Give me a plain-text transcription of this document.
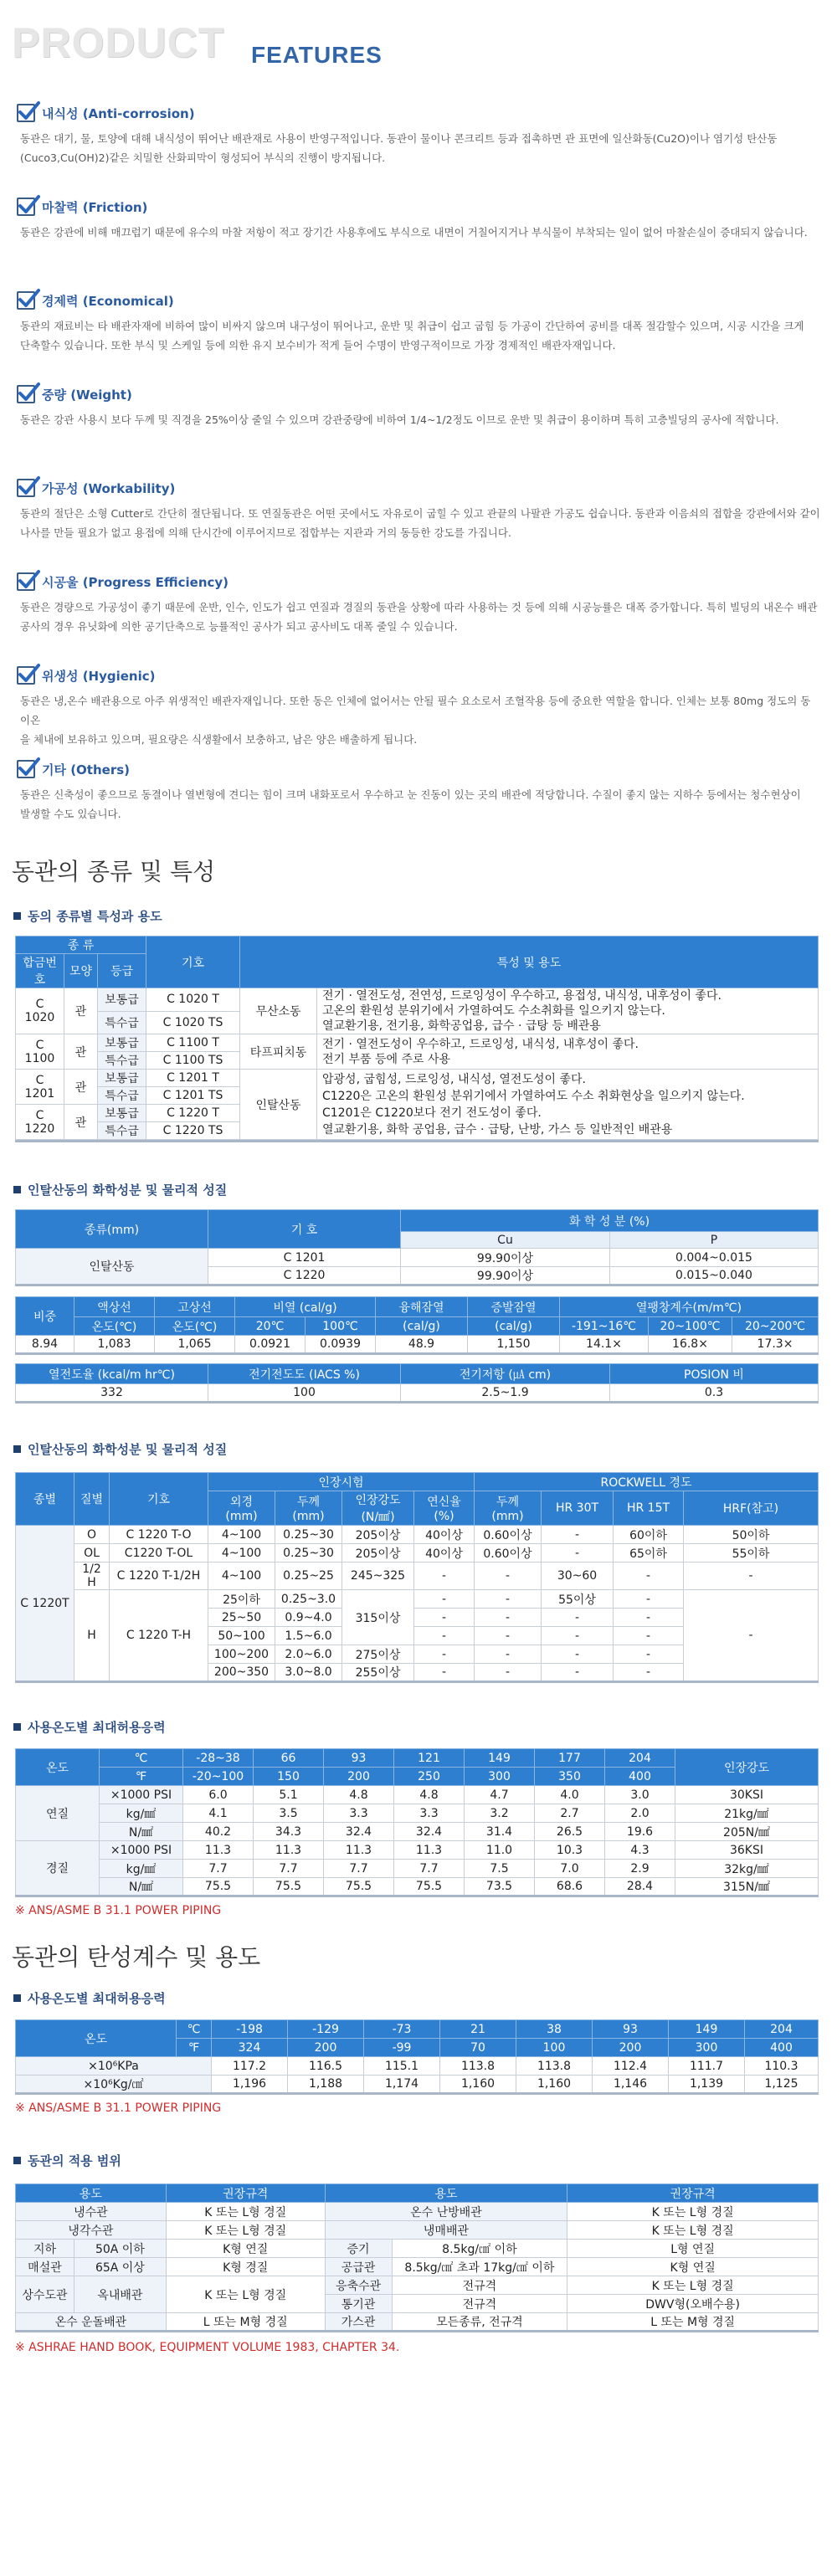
PRODUCT FEATURES
내식성 (Anti-corrosion)
동관은 대기, 물, 토양에 대해 내식성이 뛰어난 배관재로 사용이 반영구적입니다. 동관이 물이나 콘크리트 등과 접촉하면 관 표면에 일산화동(Cu2O)이나 염기성 탄산동
(Cuco3,Cu(OH)2)같은 치밀한 산화피막이 형성되어 부식의 진행이 방지됩니다.
마찰력 (Friction)
동관은 강관에 비해 매끄럽기 때문에 유수의 마찰 저항이 적고 장기간 사용후에도 부식으로 내면이 거칠어지거나 부식물이 부착되는 일이 없어 마찰손실이 증대되지 않습니다.
경제력 (Economical)
동관의 재료비는 타 배관자재에 비하여 많이 비싸지 않으며 내구성이 뛰어나고, 운반 및 취급이 쉽고 굽힘 등 가공이 간단하여 공비를 대폭 절감할수 있으며, 시공 시간을 크게
단축할수 있습니다. 또한 부식 및 스케일 등에 의한 유지 보수비가 적게 들어 수명이 반영구적이므로 가장 경제적인 배관자재입니다.
중량 (Weight)
동관은 강관 사용시 보다 두께 및 직경을 25%이상 줄일 수 있으며 강관중량에 비하여 1/4~1/2정도 이므로 운반 및 취급이 용이하며 특히 고층빌딩의 공사에 적합니다.
가공성 (Workability)
동관의 절단은 소형 Cutter로 간단히 절단됩니다. 또 연질동관은 어떤 곳에서도 자유로이 굽힐 수 있고 관끝의 나팔관 가공도 쉽습니다. 동관과 이음쇠의 접합을 강관에서와 같이
나사를 만들 필요가 없고 용접에 의해 단시간에 이루어지므로 접합부는 지관과 거의 동등한 강도를 가집니다.
시공울 (Progress Efficiency)
동관은 경량으로 가공성이 좋기 때문에 운반, 인수, 인도가 쉽고 연질과 경질의 동관을 상황에 따라 사용하는 것 등에 의해 시공능률은 대폭 증가합니다. 특히 빌딩의 내온수 배관
공사의 경우 유닛화에 의한 공기단축으로 능률적인 공사가 되고 공사비도 대폭 줄일 수 있습니다.
위생성 (Hygienic)
동관은 냉,온수 배관용으로 아주 위생적인 배관자재입니다. 또한 동은 인체에 없어서는 안될 필수 요소로서 조혈작용 등에 중요한 역할을 합니다. 인체는 보통 80mg 정도의 동이온
을 체내에 보유하고 있으며, 필요량은 식생활에서 보충하고, 남은 양은 배출하게 됩니다.
기타 (Others)
동관은 신축성이 좋으므로 동결이나 열변형에 견디는 힘이 크며 내화포로서 우수하고 눈 진동이 있는 곳의 배관에 적당합니다. 수질이 좋지 않는 지하수 등에서는 청수현상이
발생할 수도 있습니다.
동관의 종류 및 특성
동의 종류별 특성과 용도
종 류			기호	특성 및 용도	
합금번호	모양	등급			
C 1020	관	보통급	C 1020 T	무산소동	전기 · 열전도성, 전연성, 드로잉성이 우수하고, 용접성, 내식성, 내후성이 좋다.
고온의 환원성 분위기에서 가열하여도 수소취화를 일으키지 않는다.
열교환기용, 전기용, 화학공업용, 급수 · 급탕 등 배관용

		특수급	C 1020 TS		
C 1100	관	보통급	C 1100 T	타프피치동	전기 · 열전도성이 우수하고, 드로잉성, 내식성, 내후성이 좋다.
전기 부품 등에 주로 사용

		특수급	C 1100 TS		
C 1201	관	보통급	C 1201 T	인탈산동	압광성, 굽힘성, 드로잉성, 내식성, 열전도성이 좋다.
C1220은 고온의 환원성 분위기에서 가열하여도 수소 취화현상을 일으키지 않는다.
C1201은 C1220보다 전기 전도성이 좋다.
열교환기용, 화학 공업용, 급수 · 급탕, 난방, 가스 등 일반적인 배관용

		특수급	C 1201 TS		
C 1220	관	보통급	C 1220 T		
		특수급	C 1220 TS		
인탈산동의 화학성분 및 물리적 성질
종류(mm)	기 호	화 학 성 분 (%)	
		Cu	P
인탈산동	C 1201	99.90이상	0.004~0.015
	C 1220	99.90이상	0.015~0.040
비중	액상선	고상선	비열 (cal/g)		융해잠열	증발잠열	열팽창계수(m/m℃)		
	온도(℃)	온도(℃)	20℃	100℃	(cal/g)	(cal/g)	-191~16℃	20~100℃	20~200℃
8.94	1,083	1,065	0.0921	0.0939	48.9	1,150	14.1×	16.8×	17.3×
열전도율 (kcal/m hr℃)	전기전도도 (IACS %)	전기저항 (㎂ cm)	POSION 비
332	100	2.5~1.9	0.3
인탈산동의 화학성분 및 물리적 성질
종별	질별	기호	인장시험				ROCKWELL 경도			
			외경
(mm)	두께
(mm)	인장강도
(N/㎟)	연신율
(%)	두께
(mm)	HR 30T	HR 15T	HRF(참고)
C 1220T	O	C 1220 T-O	4~100	0.25~30	205이상	40이상	0.60이상	-	60이하	50이하
	OL	C1220 T-OL	4~100	0.25~30	205이상	40이상	0.60이상	-	65이하	55이하
	1/2 H	C 1220 T-1/2H	4~100	0.25~25	245~325	-	-	30~60	-	-
	H	C 1220 T-H	25이하	0.25~3.0	315이상	-	-	55이상	-	-
			25~50	0.9~4.0		-	-	-	-	
			50~100	1.5~6.0		-	-	-	-	
			100~200	2.0~6.0	275이상	-	-	-	-	
			200~350	3.0~8.0	255이상	-	-	-	-	
사용온도별 최대허용응력
온도	℃	-28~38	66	93	121	149	177	204	인장강도
	℉	-20~100	150	200	250	300	350	400	
연질	×1000 PSI	6.0	5.1	4.8	4.8	4.7	4.0	3.0	30KSI
	kg/㎟	4.1	3.5	3.3	3.3	3.2	2.7	2.0	21kg/㎟
	N/㎟	40.2	34.3	32.4	32.4	31.4	26.5	19.6	205N/㎟
경질	×1000 PSI	11.3	11.3	11.3	11.3	11.0	10.3	4.3	36KSI
	kg/㎟	7.7	7.7	7.7	7.7	7.5	7.0	2.9	32kg/㎟
	N/㎟	75.5	75.5	75.5	75.5	73.5	68.6	28.4	315N/㎟
※ ANS/ASME B 31.1 POWER PIPING
동관의 탄성계수 및 용도
사용온도별 최대허용응력
온도	℃	-198	-129	-73	21	38	93	149	204
	℉	324	200	-99	70	100	200	300	400
×10⁶KPa		117.2	116.5	115.1	113.8	113.8	112.4	111.7	110.3
×10⁶Kg/㎠		1,196	1,188	1,174	1,160	1,160	1,146	1,139	1,125
※ ANS/ASME B 31.1 POWER PIPING
동관의 적용 범위
용도		권장규격	용도		권장규격
냉수관		K 또는 L형 경질	온수 난방배관		K 또는 L형 경질
냉각수관		K 또는 L형 경질	냉매배관		K 또는 L형 경질
지하	50A 이하	K형 연질	증기	8.5kg/㎠ 이하	L형 연질
매설관	65A 이상	K형 경질	공급관	8.5kg/㎠ 초과 17kg/㎠ 이하	K형 연질
상수도관	옥내배관	K 또는 L형 경질	응축수관	전규격	K 또는 L형 경질
			통기관	전규격	DWV형(오배수용)
온수 운돌배관		L 또는 M형 경질	가스관	모든종류, 전규격	L 또는 M형 경질
※ ASHRAE HAND BOOK, EQUIPMENT VOLUME 1983, CHAPTER 34.
